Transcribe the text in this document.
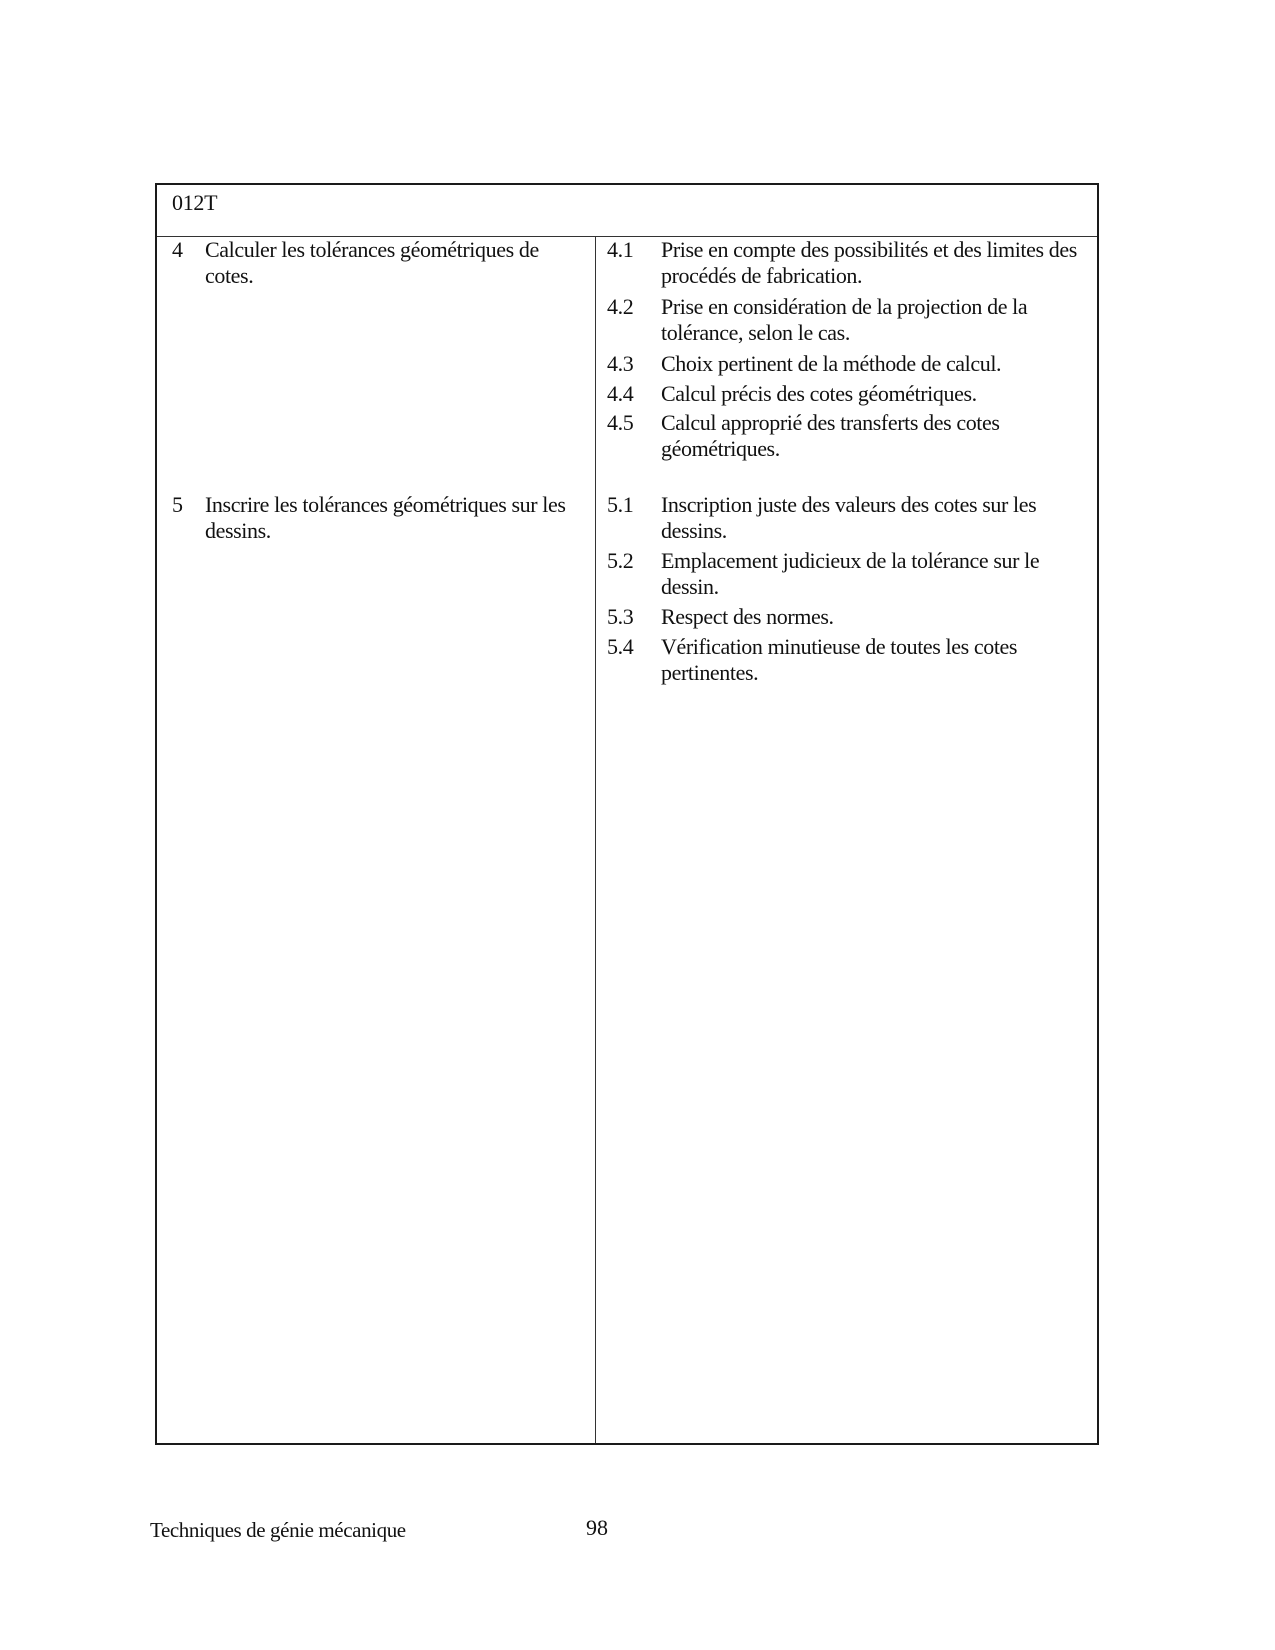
012T
4 Calculer les tolérances géométriques de cotes.
5 Inscrire les tolérances géométriques sur les dessins.
4.1 Prise en compte des possibilités et des limites des procédés de fabrication.
4.2 Prise en considération de la projection de la tolérance, selon le cas.
4.3 Choix pertinent de la méthode de calcul.
4.4 Calcul précis des cotes géométriques.
4.5 Calcul approprié des transferts des cotes géométriques.
5.1 Inscription juste des valeurs des cotes sur les dessins.
5.2 Emplacement judicieux de la tolérance sur le dessin.
5.3 Respect des normes.
5.4 Vérification minutieuse de toutes les cotes pertinentes.
Techniques de génie mécanique	98
